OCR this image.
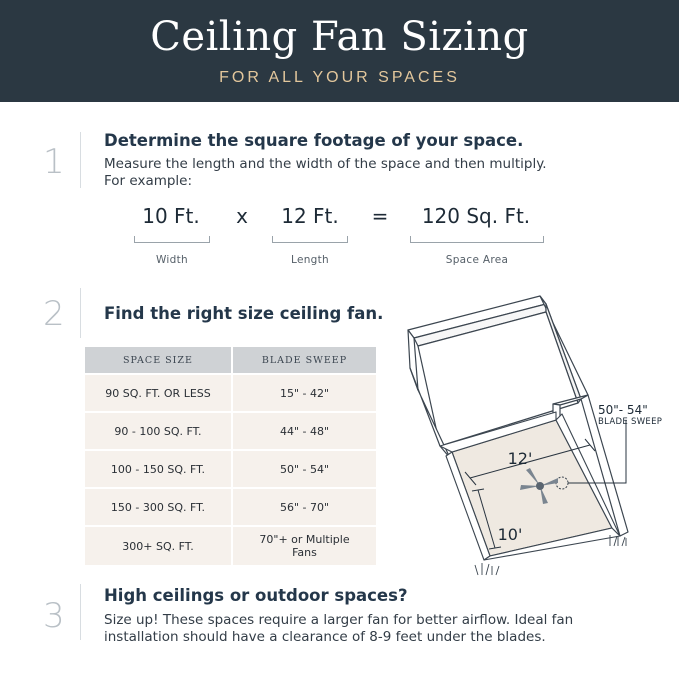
Ceiling Fan Sizing
FOR ALL YOUR SPACES
1
Determine the square footage of your space.
Measure the length and the width of the space and then multiply. For example:
10 Ft.	x	12 Ft.	=	120 Sq. Ft.
Width	Length	Space Area
2 Find the right size ceiling fan.
SPACE SIZE	BLADE SWEEP
90 SQ. FT. OR LESS	15" - 42"
90 - 100 SQ. FT.	44" - 48"
100 - 150 SQ. FT.	50" - 54"
150 - 300 SQ. FT.	56" - 70"
300+ SQ. FT.	70"+ or Multiple Fans
12'
10'
50"- 54"
BLADE SWEEP
3
High ceilings or outdoor spaces?
Size up! These spaces require a larger fan for better airflow. Ideal fan installation should have a clearance of 8-9 feet under the blades.
